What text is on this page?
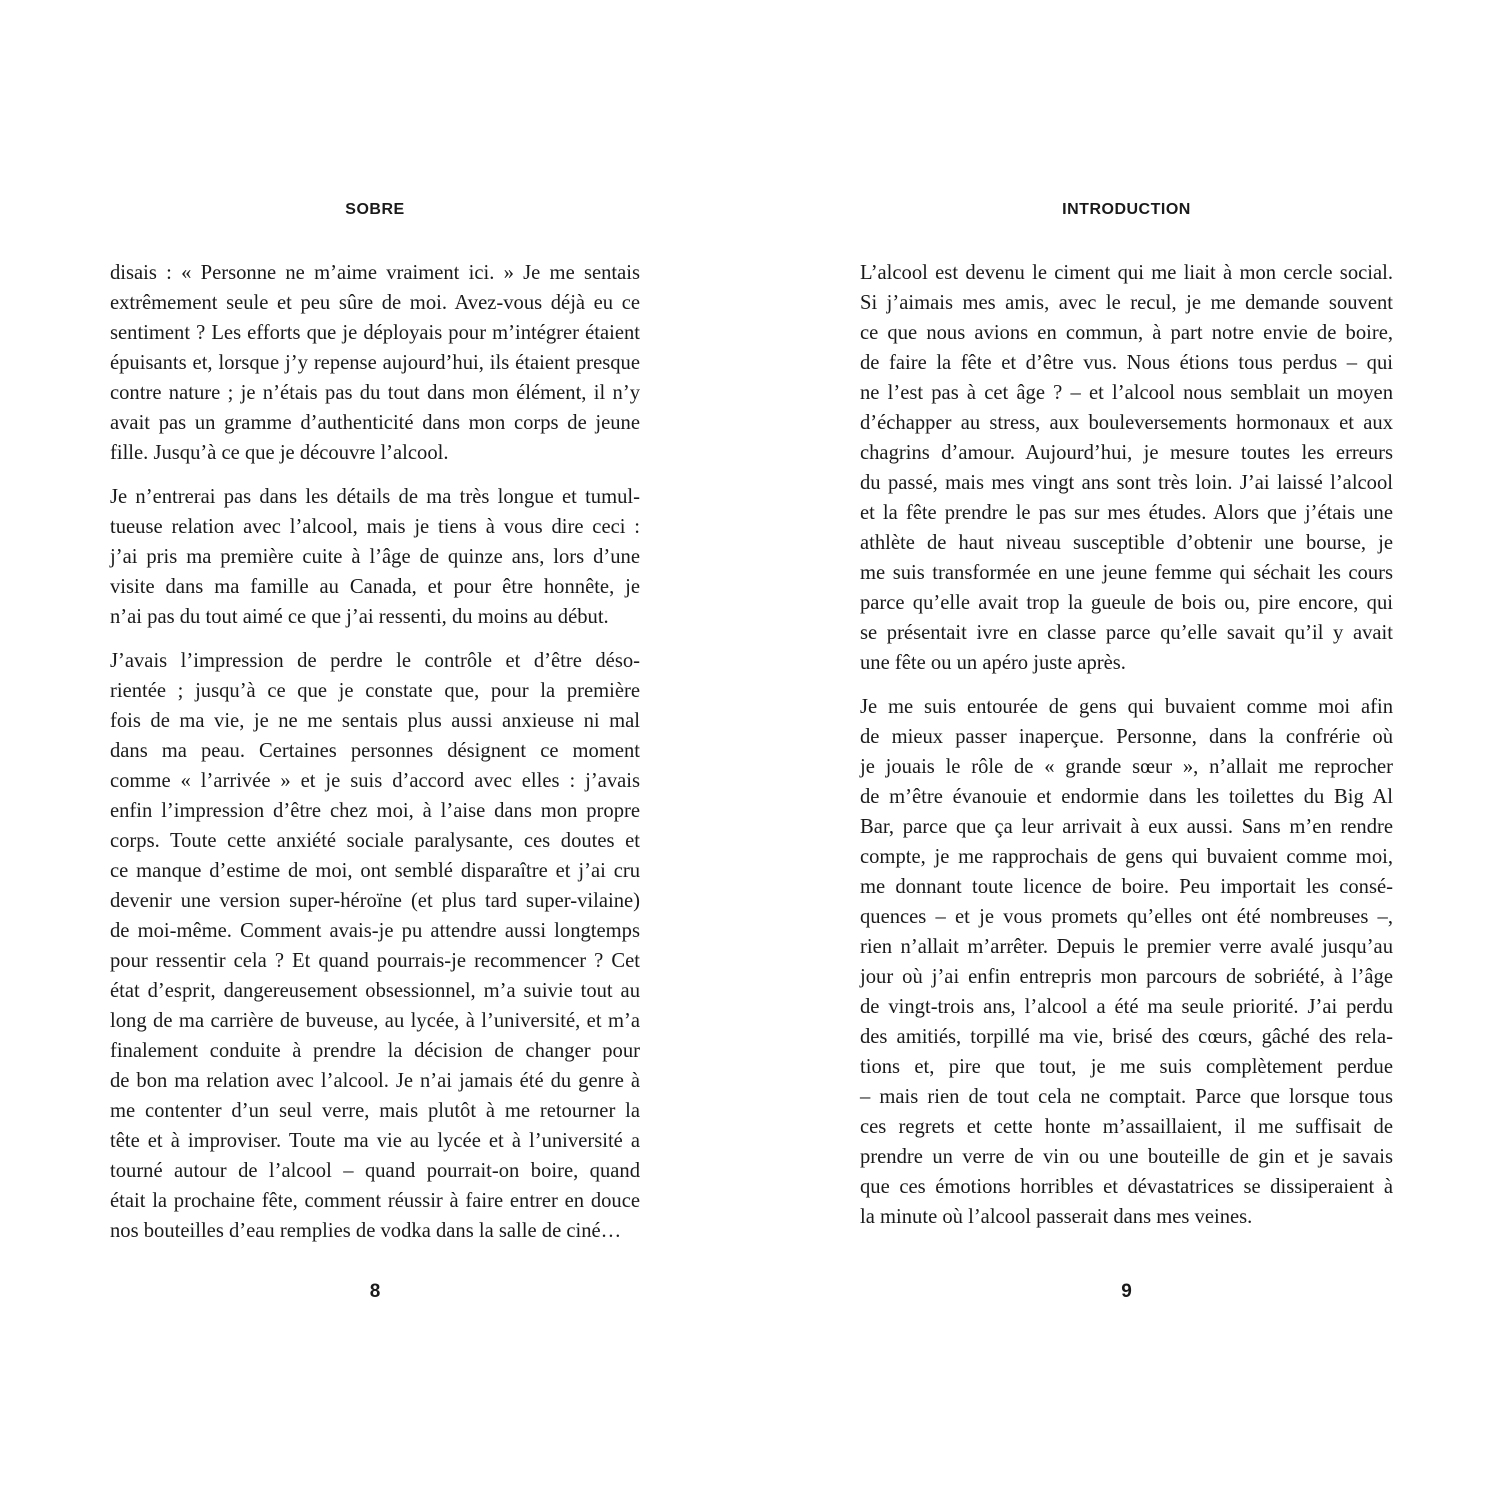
SOBRE
disais : « Personne ne m’aime vraiment ici. » Je me sentais
extrêmement seule et peu sûre de moi. Avez-vous déjà eu ce
sentiment ? Les efforts que je déployais pour m’intégrer étaient
épuisants et, lorsque j’y repense aujourd’hui, ils étaient presque
contre nature ; je n’étais pas du tout dans mon élément, il n’y
avait pas un gramme d’authenticité dans mon corps de jeune
fille. Jusqu’à ce que je découvre l’alcool.
Je n’entrerai pas dans les détails de ma très longue et tumul-
tueuse relation avec l’alcool, mais je tiens à vous dire ceci :
j’ai pris ma première cuite à l’âge de quinze ans, lors d’une
visite dans ma famille au Canada, et pour être honnête, je
n’ai pas du tout aimé ce que j’ai ressenti, du moins au début.
J’avais l’impression de perdre le contrôle et d’être déso-
rientée ; jusqu’à ce que je constate que, pour la première
fois de ma vie, je ne me sentais plus aussi anxieuse ni mal
dans ma peau. Certaines personnes désignent ce moment
comme « l’arrivée » et je suis d’accord avec elles : j’avais
enfin l’impression d’être chez moi, à l’aise dans mon propre
corps. Toute cette anxiété sociale paralysante, ces doutes et
ce manque d’estime de moi, ont semblé disparaître et j’ai cru
devenir une version super-héroïne (et plus tard super-vilaine)
de moi-même. Comment avais-je pu attendre aussi longtemps
pour ressentir cela ? Et quand pourrais-je recommencer ? Cet
état d’esprit, dangereusement obsessionnel, m’a suivie tout au
long de ma carrière de buveuse, au lycée, à l’université, et m’a
finalement conduite à prendre la décision de changer pour
de bon ma relation avec l’alcool. Je n’ai jamais été du genre à
me contenter d’un seul verre, mais plutôt à me retourner la
tête et à improviser. Toute ma vie au lycée et à l’université a
tourné autour de l’alcool – quand pourrait-on boire, quand
était la prochaine fête, comment réussir à faire entrer en douce
nos bouteilles d’eau remplies de vodka dans la salle de ciné…
8
INTRODUCTION
L’alcool est devenu le ciment qui me liait à mon cercle social.
Si j’aimais mes amis, avec le recul, je me demande souvent
ce que nous avions en commun, à part notre envie de boire,
de faire la fête et d’être vus. Nous étions tous perdus – qui
ne l’est pas à cet âge ? – et l’alcool nous semblait un moyen
d’échapper au stress, aux bouleversements hormonaux et aux
chagrins d’amour. Aujourd’hui, je mesure toutes les erreurs
du passé, mais mes vingt ans sont très loin. J’ai laissé l’alcool
et la fête prendre le pas sur mes études. Alors que j’étais une
athlète de haut niveau susceptible d’obtenir une bourse, je
me suis transformée en une jeune femme qui séchait les cours
parce qu’elle avait trop la gueule de bois ou, pire encore, qui
se présentait ivre en classe parce qu’elle savait qu’il y avait
une fête ou un apéro juste après.
Je me suis entourée de gens qui buvaient comme moi afin
de mieux passer inaperçue. Personne, dans la confrérie où
je jouais le rôle de « grande sœur », n’allait me reprocher
de m’être évanouie et endormie dans les toilettes du Big Al
Bar, parce que ça leur arrivait à eux aussi. Sans m’en rendre
compte, je me rapprochais de gens qui buvaient comme moi,
me donnant toute licence de boire. Peu importait les consé-
quences – et je vous promets qu’elles ont été nombreuses –,
rien n’allait m’arrêter. Depuis le premier verre avalé jusqu’au
jour où j’ai enfin entrepris mon parcours de sobriété, à l’âge
de vingt-trois ans, l’alcool a été ma seule priorité. J’ai perdu
des amitiés, torpillé ma vie, brisé des cœurs, gâché des rela-
tions et, pire que tout, je me suis complètement perdue
– mais rien de tout cela ne comptait. Parce que lorsque tous
ces regrets et cette honte m’assaillaient, il me suffisait de
prendre un verre de vin ou une bouteille de gin et je savais
que ces émotions horribles et dévastatrices se dissiperaient à
la minute où l’alcool passerait dans mes veines.
9
